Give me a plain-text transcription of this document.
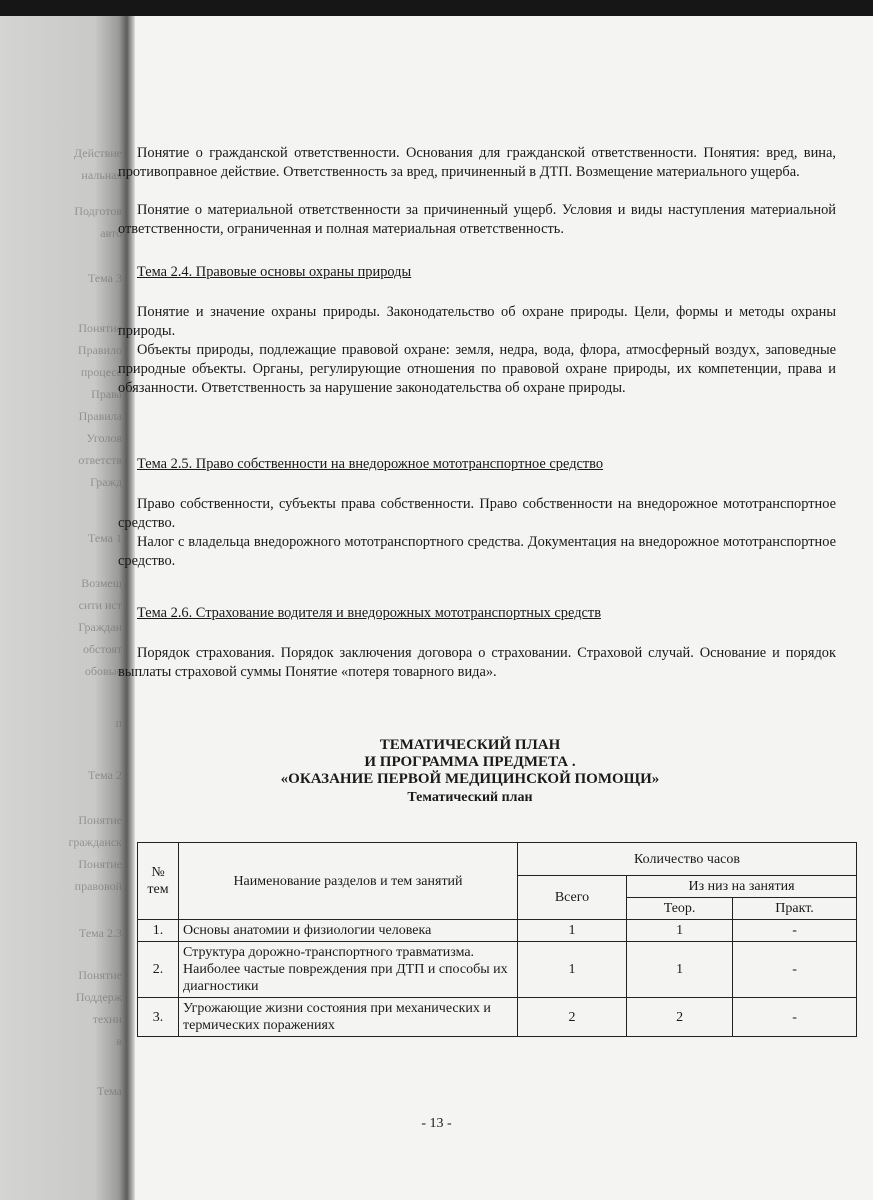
Действие
нальная
Подготов
авто
Тема 3
Понятие
Правило
процесс
Права
Правила
Уголов
ответств
Гражд
Тема 1
Возмещ
сити ист
Граждан
обстоят
обовые
п
Тема 2
Понятие
гражданск
Понятие
правовой
Тема 2.3
Понятие
Поддерж
техни
в
Тема

Понятие о гражданской ответственности. Основания для гражданской ответственности. Понятия: вред, вина, противоправное действие. Ответственность за вред, причиненный в ДТП. Возмещение материального ущерба.

Понятие о материальной ответственности за причиненный ущерб. Условия и виды наступления материальной ответственности, ограниченная и полная материальная ответственность.

Тема 2.4. Правовые основы охраны природы

Понятие и значение охраны природы. Законодательство об охране природы. Цели, формы и методы охраны природы.

Объекты природы, подлежащие правовой охране: земля, недра, вода, флора, атмосферный воздух, заповедные природные объекты. Органы, регулирующие отношения по правовой охране природы, их компетенции, права и обязанности. Ответственность за нарушение законодательства об охране природы.

Тема 2.5. Право собственности на внедорожное мототранспортное средство

Право собственности, субъекты права собственности. Право собственности на внедорожное мототранспортное средство.

Налог с владельца внедорожного мототранспортного средства. Документация на внедорожное мототранспортное средство.

Тема 2.6. Страхование водителя и внедорожных мототранспортных средств

Порядок страхования. Порядок заключения договора о страховании. Страховой случай. Основание и порядок выплаты страховой суммы Понятие «потеря товарного вида».

ТЕМАТИЧЕСКИЙ ПЛАН

И ПРОГРАММА ПРЕДМЕТА .

«ОКАЗАНИЕ ПЕРВОЙ МЕДИЦИНСКОЙ ПОМОЩИ»

Тематический план

№ тем	Наименование разделов и тем занятий	Количество часов		
		Всего	Из низ на занятия	
			Теор.	Практ.
1.	Основы анатомии и физиологии человека	1	1	-
2.	Структура дорожно-транспортного травматизма. Наиболее частые повреждения при ДТП и способы их диагностики	1	1	-
3.	Угрожающие жизни состояния при механических и термических поражениях	2	2	-
- 13 -
